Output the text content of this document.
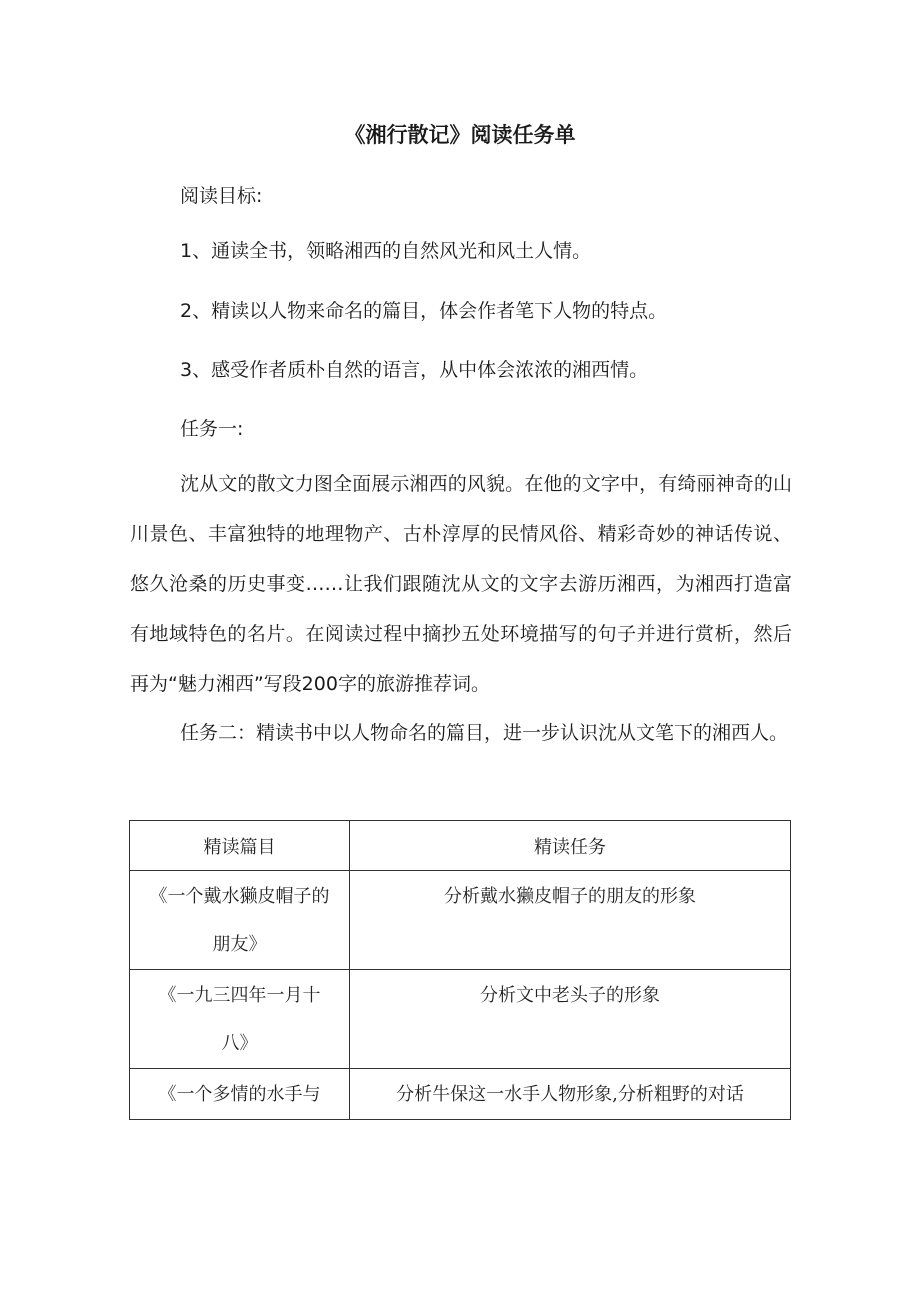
《湘行散记》阅读任务单
阅读目标:
1、通读全书，领略湘西的自然风光和风土人情。
2、精读以人物来命名的篇目，体会作者笔下人物的特点。
3、感受作者质朴自然的语言，从中体会浓浓的湘西情。
任务一:

沈从文的散文力图全面展示湘西的风貌。在他的文字中，有绮丽神奇的山川景色、丰富独特的地理物产、古朴淳厚的民情风俗、精彩奇妙的神话传说、悠久沧桑的历史事变……让我们跟随沈从文的文字去游历湘西，为湘西打造富有地域特色的名片。在阅读过程中摘抄五处环境描写的句子并进行赏析，然后再为“魅力湘西”写段200字的旅游推荐词。

任务二：精读书中以人物命名的篇目，进一步认识沈从文笔下的湘西人。

精读篇目	精读任务
《一个戴水獭皮帽子的朋友》	分析戴水獭皮帽子的朋友的形象
《一九三四年一月十八》	分析文中老头子的形象
《一个多情的水手与	分析牛保这一水手人物形象,分析粗野的对话
